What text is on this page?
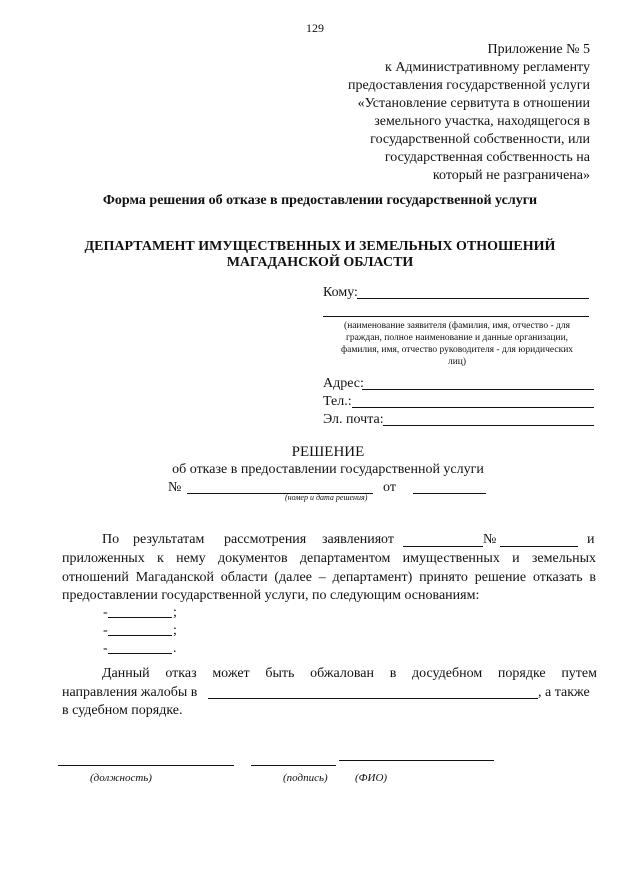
129
Приложение № 5
к Административному регламенту
предоставления государственной услуги
«Установление сервитута в отношении
земельного участка, находящегося в
государственной собственности, или
государственная собственность на
который не разграничена»
Форма решения об отказе в предоставлении государственной услуги
ДЕПАРТАМЕНТ ИМУЩЕСТВЕННЫХ И ЗЕМЕЛЬНЫХ ОТНОШЕНИЙ
МАГАДАНСКОЙ ОБЛАСТИ
Кому:
(наименование заявителя (фамилия, имя, отчество - для
граждан, полное наименование и данные организации,
фамилия, имя, отчество руководителя - для юридических
лиц)
Адрес:
Тел.:
Эл. почта:
РЕШЕНИЕ
об отказе в предоставлении государственной услуги
№	от
(номер и дата решения)
По результатам рассмотрения заявления от	№	и
приложенных к нему документов департаментом имущественных и земельных
отношений Магаданской области (далее – департамент) принято решение отказать в
предоставлении государственной услуги, по следующим основаниям:
-	;
-	;
-	.
Данный отказ может быть обжалован в досудебном порядке путем
направления жалобы в	, а также
в судебном порядке.
(должность)	(подпись) (ФИО)
